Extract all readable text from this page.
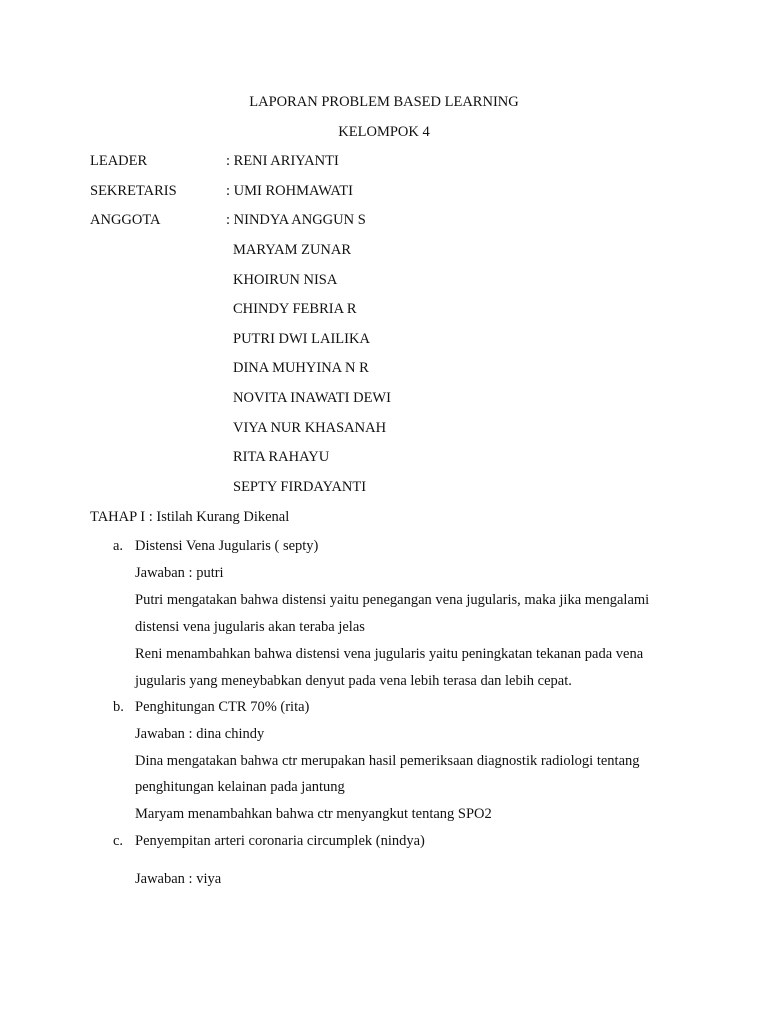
LAPORAN PROBLEM BASED LEARNING
KELOMPOK 4
LEADER	: RENI ARIYANTI
SEKRETARIS	: UMI ROHMAWATI
ANGGOTA	: NINDYA ANGGUN S
MARYAM ZUNAR
KHOIRUN NISA
CHINDY FEBRIA R
PUTRI DWI LAILIKA
DINA MUHYINA N R
NOVITA INAWATI DEWI
VIYA NUR KHASANAH
RITA RAHAYU
SEPTY FIRDAYANTI
TAHAP I : Istilah Kurang Dikenal
a. Distensi Vena Jugularis ( septy)
Jawaban : putri
Putri mengatakan bahwa distensi yaitu penegangan vena jugularis, maka jika mengalami
distensi vena jugularis akan teraba jelas
Reni menambahkan bahwa distensi vena jugularis yaitu peningkatan tekanan pada vena
jugularis yang meneybabkan denyut pada vena lebih terasa dan lebih cepat.
b. Penghitungan CTR 70% (rita)
Jawaban : dina chindy
Dina mengatakan bahwa ctr merupakan hasil pemeriksaan diagnostik radiologi tentang
penghitungan kelainan pada jantung
Maryam menambahkan bahwa ctr menyangkut tentang SPO2
c. Penyempitan arteri coronaria circumplek (nindya)
Jawaban : viya
